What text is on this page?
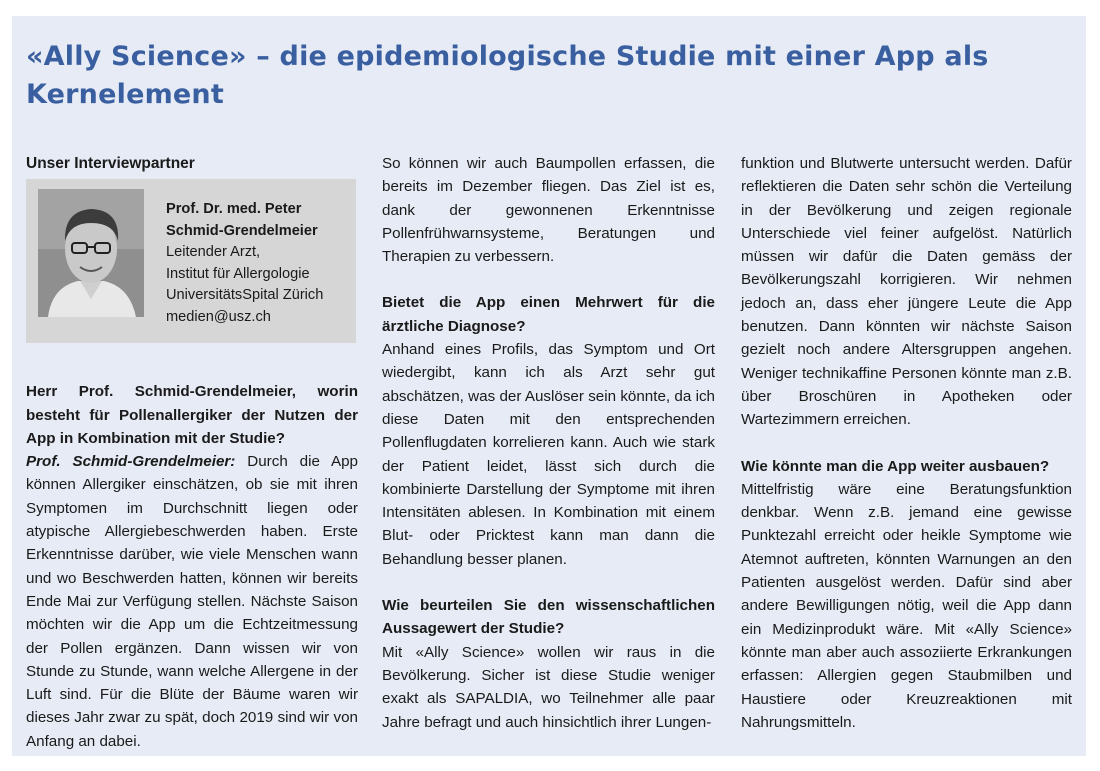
«Ally Science» – die epidemiologische Studie mit einer App als Kernelement
Unser Interviewpartner
Prof. Dr. med. Peter
Schmid-Grendelmeier
Leitender Arzt,
Institut für Allergologie
UniversitätsSpital Zürich
medien@usz.ch

Herr Prof. Schmid-Grendelmeier, worin besteht für Pollenallergiker der Nutzen der App in Kombination mit der Studie?

Prof. Schmid-Grendelmeier: Durch die App können Allergiker einschätzen, ob sie mit ihren Symptomen im Durchschnitt liegen oder atypische Allergiebeschwerden haben. Erste Erkenntnisse darüber, wie viele Menschen wann und wo Beschwerden hatten, können wir bereits Ende Mai zur Verfügung stellen. Nächste Saison möchten wir die App um die Echtzeitmessung der Pollen ergänzen. Dann wissen wir von Stunde zu Stunde, wann welche Allergene in der Luft sind. Für die Blüte der Bäume waren wir dieses Jahr zwar zu spät, doch 2019 sind wir von Anfang an dabei.

So können wir auch Baumpollen erfassen, die bereits im Dezember fliegen. Das Ziel ist es, dank der gewonnenen Erkenntnisse Pollenfrühwarnsysteme, Beratungen und Therapien zu verbessern.

Bietet die App einen Mehrwert für die ärztliche Diagnose?

Anhand eines Profils, das Symptom und Ort wiedergibt, kann ich als Arzt sehr gut abschätzen, was der Auslöser sein könnte, da ich diese Daten mit den entsprechenden Pollenflugdaten korrelieren kann. Auch wie stark der Patient leidet, lässt sich durch die kombinierte Darstellung der Symptome mit ihren Intensitäten ablesen. In Kombination mit einem Blut- oder Pricktest kann man dann die Behandlung besser planen.

Wie beurteilen Sie den wissenschaftlichen Aussagewert der Studie?

Mit «Ally Science» wollen wir raus in die Bevölkerung. Sicher ist diese Studie weniger exakt als SAPALDIA, wo Teilnehmer alle paar Jahre befragt und auch hinsichtlich ihrer Lungen-

funktion und Blutwerte untersucht werden. Dafür reflektieren die Daten sehr schön die Verteilung in der Bevölkerung und zeigen regionale Unterschiede viel feiner aufgelöst. Natürlich müssen wir dafür die Daten gemäss der Bevölkerungszahl korrigieren. Wir nehmen jedoch an, dass eher jüngere Leute die App benutzen. Dann könnten wir nächste Saison gezielt noch andere Altersgruppen angehen. Weniger technikaffine Personen könnte man z.B. über Broschüren in Apotheken oder Wartezimmern erreichen.

Wie könnte man die App weiter ausbauen?

Mittelfristig wäre eine Beratungsfunktion denkbar. Wenn z.B. jemand eine gewisse Punktezahl erreicht oder heikle Symptome wie Atemnot auftreten, könnten Warnungen an den Patienten ausgelöst werden. Dafür sind aber andere Bewilligungen nötig, weil die App dann ein Medizinprodukt wäre. Mit «Ally Science» könnte man aber auch assoziierte Erkrankungen erfassen: Allergien gegen Staubmilben und Haustiere oder Kreuzreaktionen mit Nahrungsmitteln.
